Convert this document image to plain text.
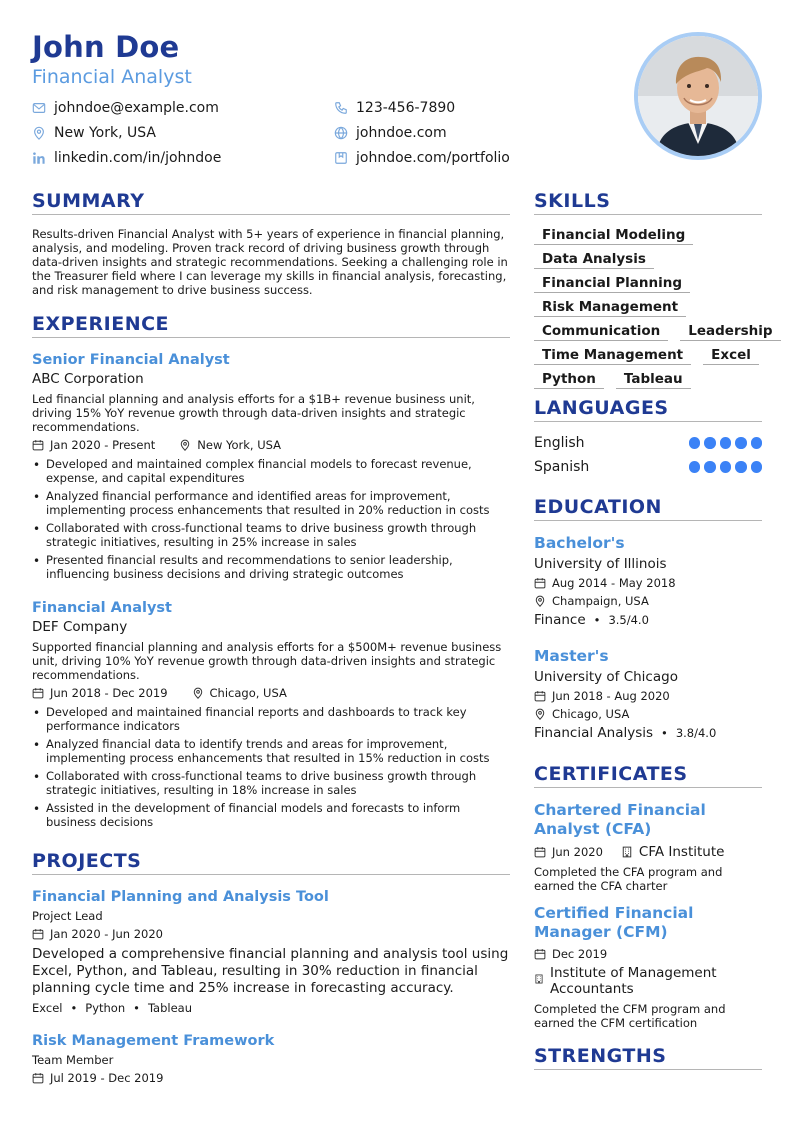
John Doe
Financial Analyst
johndoe@example.com	123-456-7890
New York, USA	johndoe.com
linkedin.com/in/johndoe	johndoe.com/portfolio
SUMMARY
Results-driven Financial Analyst with 5+ years of experience in financial planning, analysis, and modeling. Proven track record of driving business growth through data-driven insights and strategic recommendations. Seeking a challenging role in the Treasurer field where I can leverage my skills in financial analysis, forecasting, and risk management to drive business success.
EXPERIENCE
Senior Financial Analyst
ABC Corporation
Led financial planning and analysis efforts for a $1B+ revenue business unit, driving 15% YoY revenue growth through data-driven insights and strategic recommendations.
Jan 2020 - Present	New York, USA
• Developed and maintained complex financial models to forecast revenue, expense, and capital expenditures
• Analyzed financial performance and identified areas for improvement, implementing process enhancements that resulted in 20% reduction in costs
• Collaborated with cross-functional teams to drive business growth through strategic initiatives, resulting in 25% increase in sales
• Presented financial results and recommendations to senior leadership, influencing business decisions and driving strategic outcomes
Financial Analyst
DEF Company
Supported financial planning and analysis efforts for a $500M+ revenue business unit, driving 10% YoY revenue growth through data-driven insights and strategic recommendations.
Jun 2018 - Dec 2019	Chicago, USA
• Developed and maintained financial reports and dashboards to track key performance indicators
• Analyzed financial data to identify trends and areas for improvement, implementing process enhancements that resulted in 15% reduction in costs
• Collaborated with cross-functional teams to drive business growth through strategic initiatives, resulting in 18% increase in sales
• Assisted in the development of financial models and forecasts to inform business decisions
PROJECTS
Financial Planning and Analysis Tool
Project Lead
Jan 2020 - Jun 2020
Developed a comprehensive financial planning and analysis tool using Excel, Python, and Tableau, resulting in 30% reduction in financial planning cycle time and 25% increase in forecasting accuracy.
Excel • Python • Tableau
Risk Management Framework
Team Member
Jul 2019 - Dec 2019
SKILLS
Financial Modeling
Data Analysis
Financial Planning
Risk Management
Communication	Leadership
Time Management	Excel
Python	Tableau
LANGUAGES
English
Spanish
EDUCATION
Bachelor's
University of Illinois
Aug 2014 - May 2018
Champaign, USA
Finance • 3.5/4.0
Master's
University of Chicago
Jun 2018 - Aug 2020
Chicago, USA
Financial Analysis • 3.8/4.0
CERTIFICATES
Chartered Financial Analyst (CFA)
Jun 2020	CFA Institute
Completed the CFA program and earned the CFA charter
Certified Financial Manager (CFM)
Dec 2019
Institute of Management Accountants
Completed the CFM program and earned the CFM certification
STRENGTHS
